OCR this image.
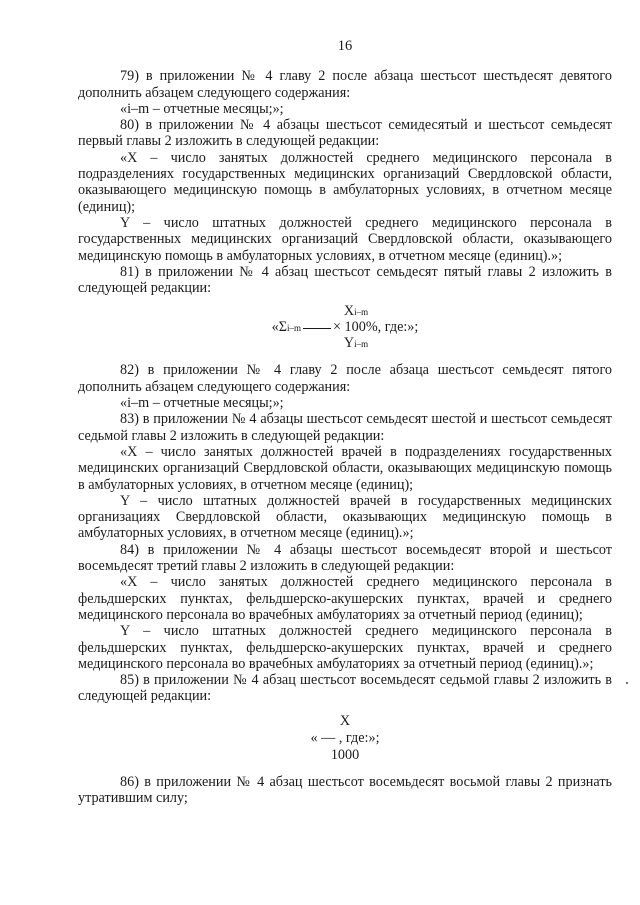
16

79) в приложении № 4 главу 2 после абзаца шестьсот шестьдесят девятого дополнить абзацем следующего содержания:

«i–m – отчетные месяцы;»;

80) в приложении № 4 абзацы шестьсот семидесятый и шестьсот семьдесят первый главы 2 изложить в следующей редакции:

«X – число занятых должностей среднего медицинского персонала в подразделениях государственных медицинских организаций Свердловской области, оказывающего медицинскую помощь в амбулаторных условиях, в отчетном месяце (единиц);

Y – число штатных должностей среднего медицинского персонала в государственных медицинских организаций Свердловской области, оказывающего медицинскую помощь в амбулаторных условиях, в отчетном месяце (единиц).»;

81) в приложении № 4 абзац шестьсот семьдесят пятый главы 2 изложить в следующей редакции:

Xi–m
«Σi–m × 100%, где:»;
Yi–m

82) в приложении № 4 главу 2 после абзаца шестьсот семьдесят пятого дополнить абзацем следующего содержания:

«i–m – отчетные месяцы;»;

83) в приложении № 4 абзацы шестьсот семьдесят шестой и шестьсот семьдесят седьмой главы 2 изложить в следующей редакции:

«X – число занятых должностей врачей в подразделениях государственных медицинских организаций Свердловской области, оказывающих медицинскую помощь в амбулаторных условиях, в отчетном месяце (единиц);

Y – число штатных должностей врачей в государственных медицинских организациях Свердловской области, оказывающих медицинскую помощь в амбулаторных условиях, в отчетном месяце (единиц).»;

84) в приложении № 4 абзацы шестьсот восемьдесят второй и шестьсот восемьдесят третий главы 2 изложить в следующей редакции:

«X – число занятых должностей среднего медицинского персонала в фельдшерских пунктах, фельдшерско-акушерских пунктах, врачей и среднего медицинского персонала во врачебных амбулаториях за отчетный период (единиц);

Y – число штатных должностей среднего медицинского персонала в фельдшерских пунктах, фельдшерско-акушерских пунктах, врачей и среднего медицинского персонала во врачебных амбулаториях за отчетный период (единиц).»;

85) в приложении № 4 абзац шестьсот восемьдесят седьмой главы 2 изложить в следующей редакции:

X
« — , где:»;
1000

86) в приложении № 4 абзац шестьсот восемьдесят восьмой главы 2 признать утратившим силу;
